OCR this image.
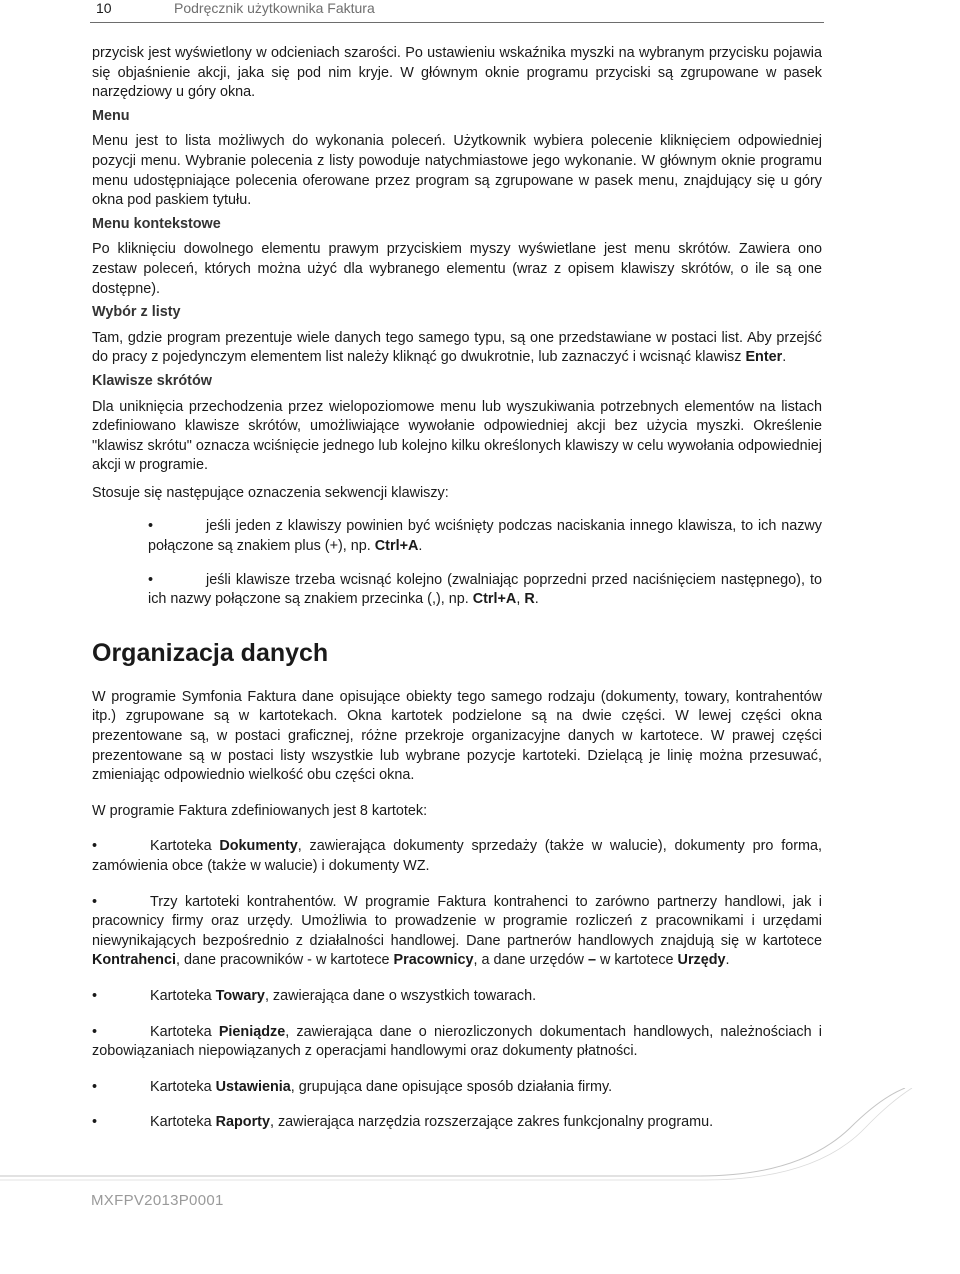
10	Podręcznik użytkownika Faktura

przycisk jest wyświetlony w odcieniach szarości. Po ustawieniu wskaźnika myszki na wybranym przycisku pojawia się objaśnienie akcji, jaka się pod nim kryje. W głównym oknie programu przyciski są zgrupowane w pasek narzędziowy u góry okna.

Menu

Menu jest to lista możliwych do wykonania poleceń. Użytkownik wybiera polecenie kliknięciem odpowiedniej pozycji menu. Wybranie polecenia z listy powoduje natychmiastowe jego wykonanie. W głównym oknie programu menu udostępniające polecenia oferowane przez program są zgrupowane w pasek menu, znajdujący się u góry okna pod paskiem tytułu.

Menu kontekstowe

Po kliknięciu dowolnego elementu prawym przyciskiem myszy wyświetlane jest menu skrótów. Zawiera ono zestaw poleceń, których można użyć dla wybranego elementu (wraz z opisem klawiszy skrótów, o ile są one dostępne).

Wybór z listy

Tam, gdzie program prezentuje wiele danych tego samego typu, są one przedstawiane w postaci list. Aby przejść do pracy z pojedynczym elementem list należy kliknąć go dwukrotnie, lub zaznaczyć i wcisnąć klawisz Enter.

Klawisze skrótów

Dla uniknięcia przechodzenia przez wielopoziomowe menu lub wyszukiwania potrzebnych elementów na listach zdefiniowano klawisze skrótów, umożliwiające wywołanie odpowiedniej akcji bez użycia myszki. Określenie "klawisz skrótu" oznacza wciśnięcie jednego lub kolejno kilku określonych klawiszy w celu wywołania odpowiedniej akcji w programie.

Stosuje się następujące oznaczenia sekwencji klawiszy:

•	jeśli jeden z klawiszy powinien być wciśnięty podczas naciskania innego klawisza, to ich nazwy połączone są znakiem plus (+), np. Ctrl+A.

•	jeśli klawisze trzeba wcisnąć kolejno (zwalniając poprzedni przed naciśnięciem następnego), to ich nazwy połączone są znakiem przecinka (,), np. Ctrl+A, R.

Organizacja danych

W programie Symfonia Faktura dane opisujące obiekty tego samego rodzaju (dokumenty, towary, kontrahentów itp.) zgrupowane są w kartotekach. Okna kartotek podzielone są na dwie części. W lewej części okna prezentowane są, w postaci graficznej, różne przekroje organizacyjne danych w kartotece. W prawej części prezentowane są w postaci listy wszystkie lub wybrane pozycje kartoteki. Dzielącą je linię można przesuwać, zmieniając odpowiednio wielkość obu części okna.

W programie Faktura zdefiniowanych jest 8 kartotek:

•	Kartoteka Dokumenty, zawierająca dokumenty sprzedaży (także w walucie), dokumenty pro forma, zamówienia obce (także w walucie) i dokumenty WZ.

•	Trzy kartoteki kontrahentów. W programie Faktura kontrahenci to zarówno partnerzy handlowi, jak i pracownicy firmy oraz urzędy. Umożliwia to prowadzenie w programie rozliczeń z pracownikami i urzędami niewynikających bezpośrednio z działalności handlowej. Dane partnerów handlowych znajdują się w kartotece Kontrahenci, dane pracowników - w kartotece Pracownicy, a dane urzędów – w kartotece Urzędy.

•	Kartoteka Towary, zawierająca dane o wszystkich towarach.

•	Kartoteka Pieniądze, zawierająca dane o nierozliczonych dokumentach handlowych, należnościach i zobowiązaniach niepowiązanych z operacjami handlowymi oraz dokumenty płatności.

•	Kartoteka Ustawienia, grupująca dane opisujące sposób działania firmy.

•	Kartoteka Raporty, zawierająca narzędzia rozszerzające zakres funkcjonalny programu.

MXFPV2013P0001
